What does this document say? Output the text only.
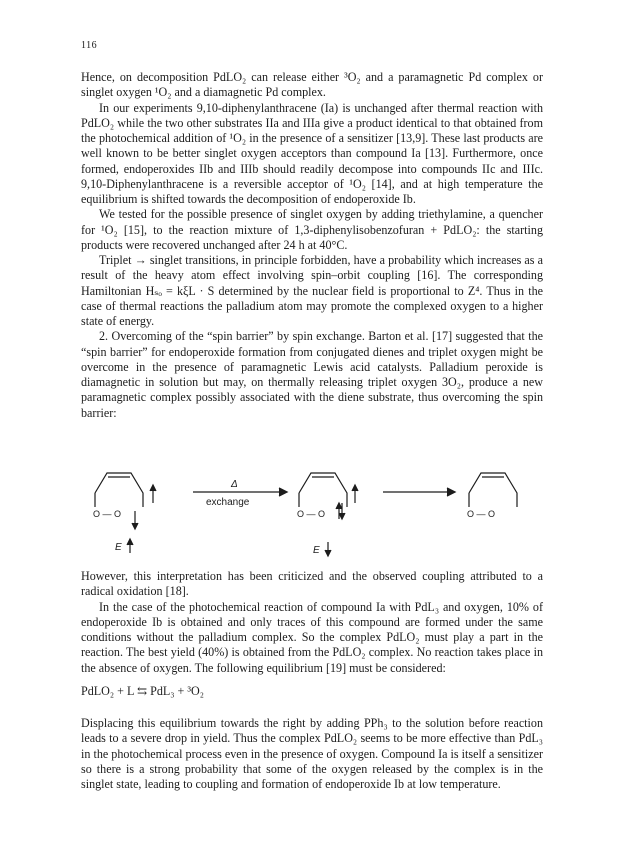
116

Hence, on decomposition PdLO₂ can release either ³O₂ and a paramagnetic Pd complex or singlet oxygen ¹O₂ and a diamagnetic Pd complex.

In our experiments 9,10-diphenylanthracene (Ia) is unchanged after thermal reaction with PdLO₂ while the two other substrates IIa and IIIa give a product identical to that obtained from the photochemical addition of ¹O₂ in the presence of a sensitizer [13,9]. These last products are well known to be better singlet oxygen acceptors than compound Ia [13]. Furthermore, once formed, endoperoxides IIb and IIIb should readily decompose into compounds IIc and IIIc. 9,10-Diphenylanthracene is a reversible acceptor of ¹O₂ [14], and at high temperature the equilibrium is shifted towards the decomposition of endoperoxide Ib.

We tested for the possible presence of singlet oxygen by adding triethylamine, a quencher for ¹O₂ [15], to the reaction mixture of 1,3-diphenylisobenzofuran + PdLO₂: the starting products were recovered unchanged after 24 h at 40°C.

Triplet → singlet transitions, in principle forbidden, have a probability which increases as a result of the heavy atom effect involving spin–orbit coupling [16]. The corresponding Hamiltonian Hₛₒ = kξL · S determined by the nuclear field is proportional to Z⁴. Thus in the case of thermal reactions the palladium atom may promote the complexed oxygen to a higher state of energy.

2. Overcoming of the “spin barrier” by spin exchange. Barton et al. [17] suggested that the “spin barrier” for endoperoxide formation from conjugated dienes and triplet oxygen might be overcome in the presence of paramagnetic Lewis acid catalysts. Palladium peroxide is diamagnetic in solution but may, on thermally releasing triplet oxygen 3O₂, produce a new paramagnetic complex possibly associated with the diene substrate, thus overcoming the spin barrier:

O — O
Δ
exchange
O — O	O — O
E	E

However, this interpretation has been criticized and the observed coupling attributed to a radical oxidation [18].

In the case of the photochemical reaction of compound Ia with PdL₃ and oxygen, 10% of endoperoxide Ib is obtained and only traces of this compound are formed under the same conditions without the palladium complex. So the complex PdLO₂ must play a part in the reaction. The best yield (40%) is obtained from the PdLO₂ complex. No reaction takes place in the absence of oxygen. The following equilibrium [19] must be considered:

PdLO₂ + L ⇆ PdL₃ + ³O₂

Displacing this equilibrium towards the right by adding PPh₃ to the solution before reaction leads to a severe drop in yield. Thus the complex PdLO₂ seems to be more effective than PdL₃ in the photochemical process even in the presence of oxygen. Compound Ia is itself a sensitizer so there is a strong probability that some of the oxygen released by the complex is in the singlet state, leading to coupling and formation of endoperoxide Ib at low temperature.
